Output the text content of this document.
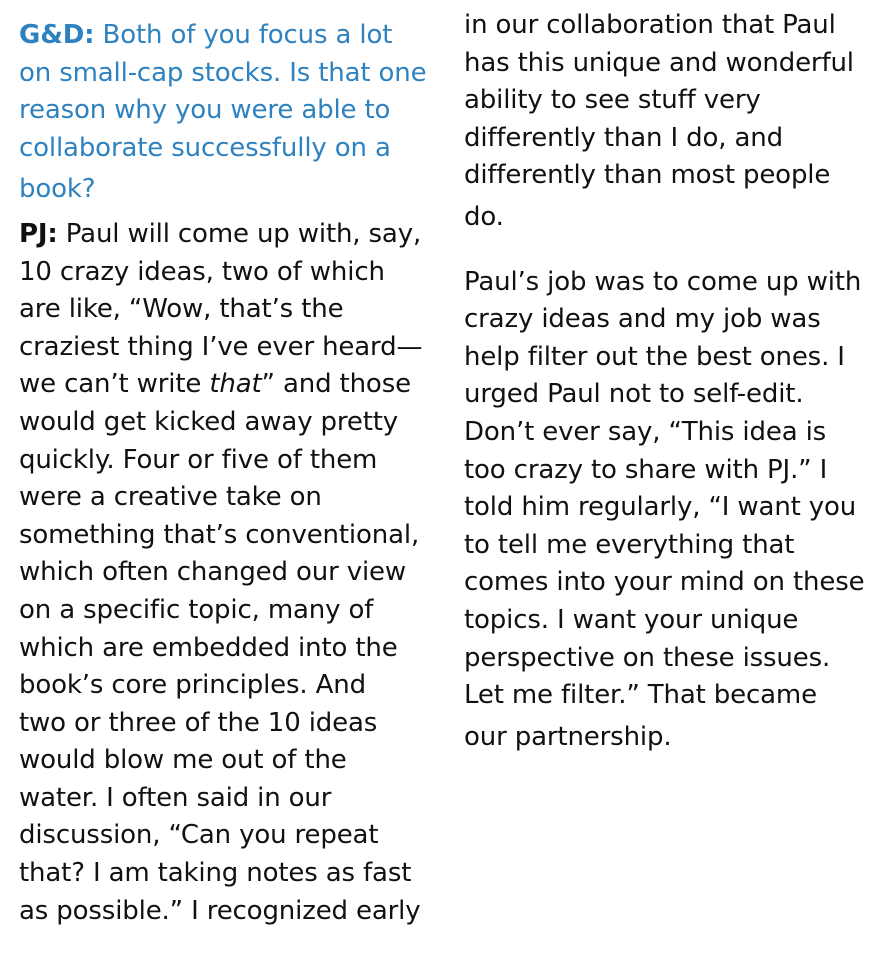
G&D: Both of you focus a lot
on small-cap stocks. Is that one
reason why you were able to
collaborate successfully on a
book?
PJ: Paul will come up with, say,
10 crazy ideas, two of which
are like, “Wow, that’s the
craziest thing I’ve ever heard—
we can’t write that” and those
would get kicked away pretty
quickly. Four or five of them
were a creative take on
something that’s conventional,
which often changed our view
on a specific topic, many of
which are embedded into the
book’s core principles. And
two or three of the 10 ideas
would blow me out of the
water. I often said in our
discussion, “Can you repeat
that? I am taking notes as fast
as possible.” I recognized early
in our collaboration that Paul
has this unique and wonderful
ability to see stuff very
differently than I do, and
differently than most people
do.
Paul’s job was to come up with
crazy ideas and my job was
help filter out the best ones. I
urged Paul not to self-edit.
Don’t ever say, “This idea is
too crazy to share with PJ.” I
told him regularly, “I want you
to tell me everything that
comes into your mind on these
topics. I want your unique
perspective on these issues.
Let me filter.” That became
our partnership.
